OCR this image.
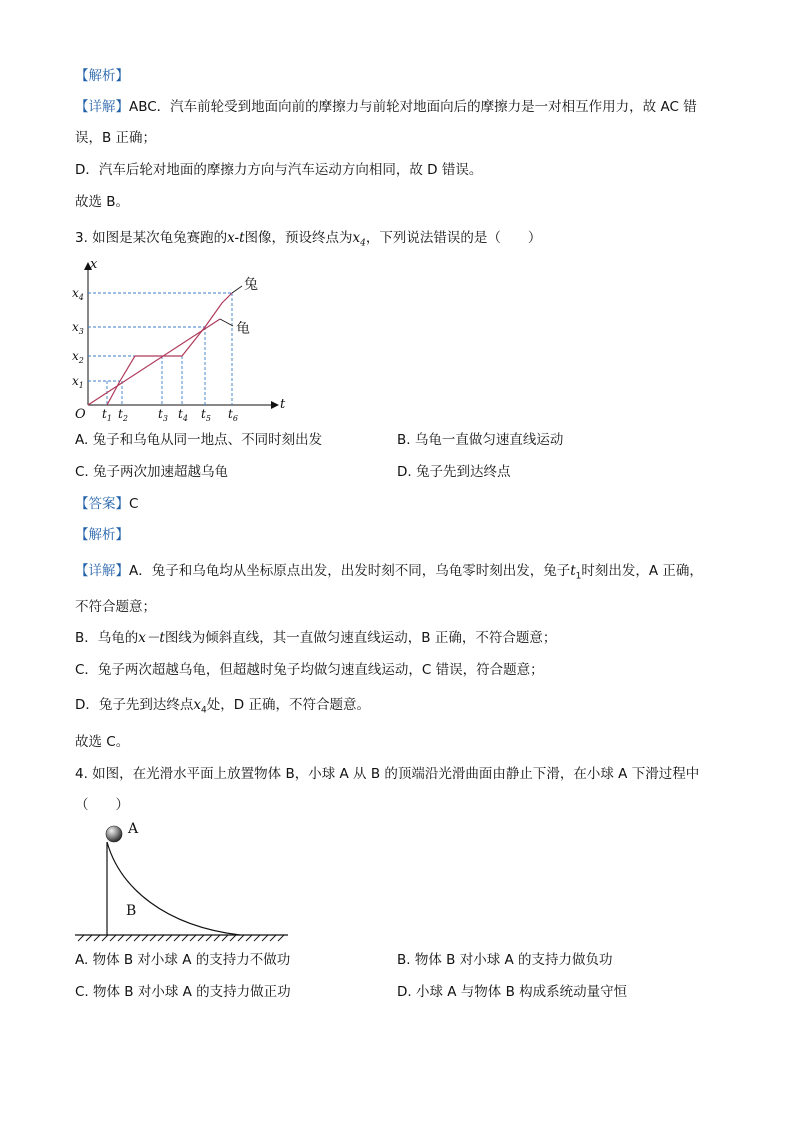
【解析】
【详解】ABC．汽车前轮受到地面向前的摩擦力与前轮对地面向后的摩擦力是一对相互作用力，故 AC 错
误，B 正确；
D．汽车后轮对地面的摩擦力方向与汽车运动方向相同，故 D 错误。
故选 B。
3. 如图是某次龟兔赛跑的x-t图像，预设终点为$x_4$，下列说法错误的是（　　）
兔
龟
x
t
O
$x_4$
$x_3$
$x_2$
$x_1$
$t_1$ $t_2$	$t_3$ $t_4$ $t_5$ $t_6$
A. 兔子和乌龟从同一地点、不同时刻出发	B. 乌龟一直做匀速直线运动
C. 兔子两次加速超越乌龟	D. 兔子先到达终点
【答案】C
【解析】
【详解】A．兔子和乌龟均从坐标原点出发，出发时刻不同，乌龟零时刻出发，兔子$t_1$时刻出发，A 正确，
不符合题意；
B．乌龟的x－t图线为倾斜直线，其一直做匀速直线运动，B 正确，不符合题意；
C．兔子两次超越乌龟，但超越时兔子均做匀速直线运动，C 错误，符合题意；
D．兔子先到达终点$x_4$处，D 正确，不符合题意。
故选 C。
4. 如图，在光滑水平面上放置物体 B，小球 A 从 B 的顶端沿光滑曲面由静止下滑，在小球 A 下滑过程中
（　　）
A
B
A. 物体 B 对小球 A 的支持力不做功	B. 物体 B 对小球 A 的支持力做负功
C. 物体 B 对小球 A 的支持力做正功	D. 小球 A 与物体 B 构成系统动量守恒
